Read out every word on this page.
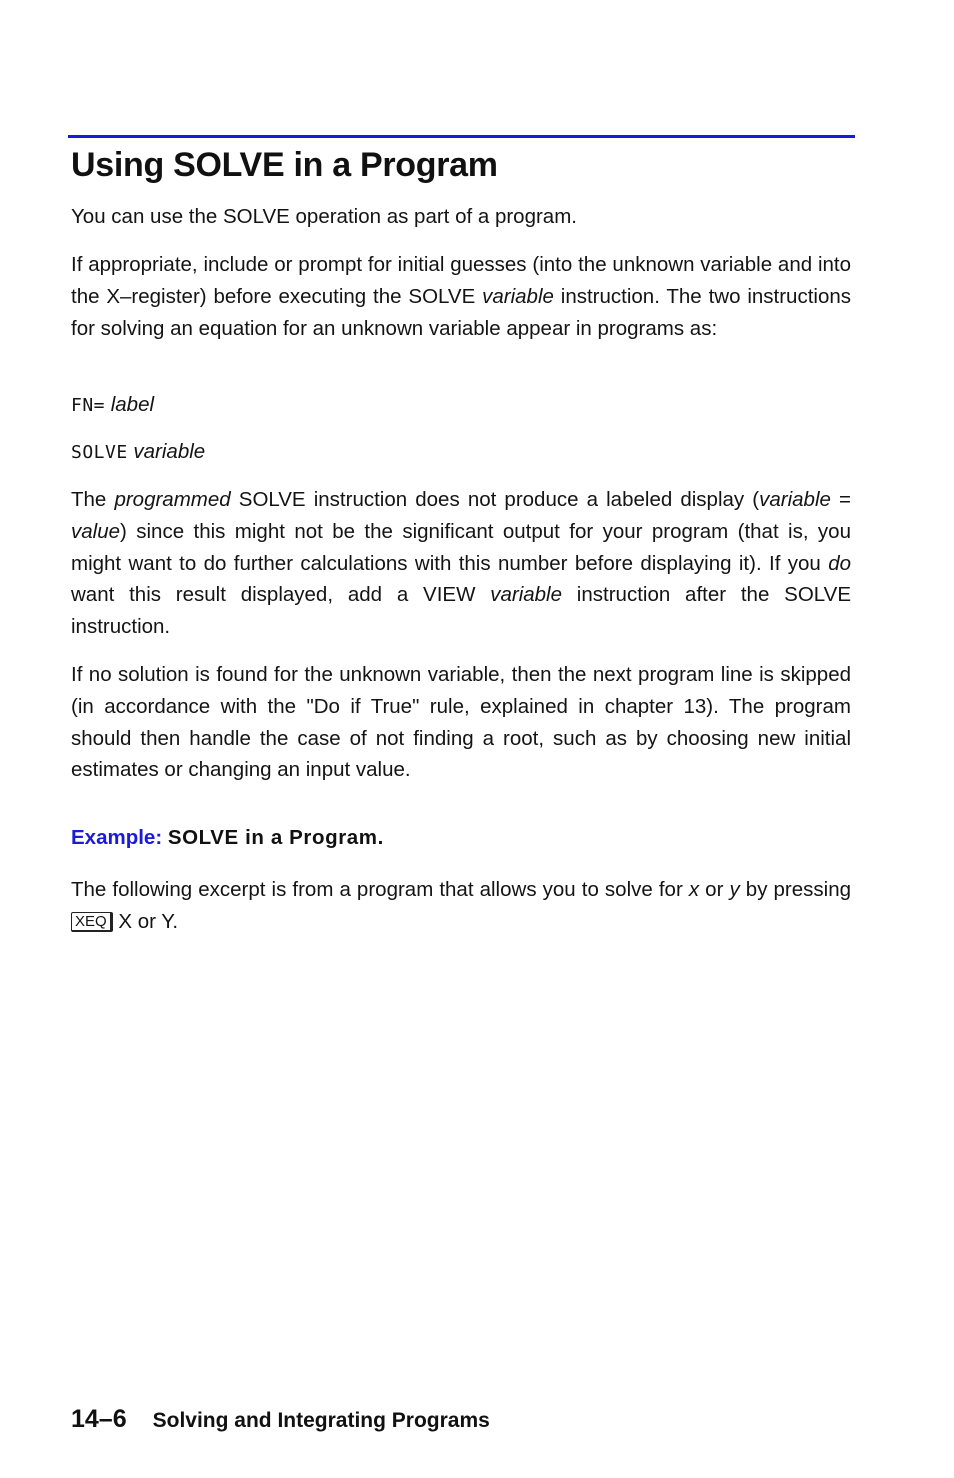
Using SOLVE in a Program

You can use the SOLVE operation as part of a program.

If appropriate, include or prompt for initial guesses (into the unknown variable and into the X–register) before executing the SOLVE variable instruction. The two instructions for solving an equation for an unknown variable appear in programs as:

FN= label

SOLVE variable

The programmed SOLVE instruction does not produce a labeled display (variable = value) since this might not be the significant output for your program (that is, you might want to do further calculations with this number before displaying it). If you do want this result displayed, add a VIEW variable instruction after the SOLVE instruction.

If no solution is found for the unknown variable, then the next program line is skipped (in accordance with the "Do if True" rule, explained in chapter 13). The program should then handle the case of not finding a root, such as by choosing new initial estimates or changing an input value.

Example: SOLVE in a Program.

The following excerpt is from a program that allows you to solve for x or y by pressing XEQ X or Y.

14–6 Solving and Integrating Programs
